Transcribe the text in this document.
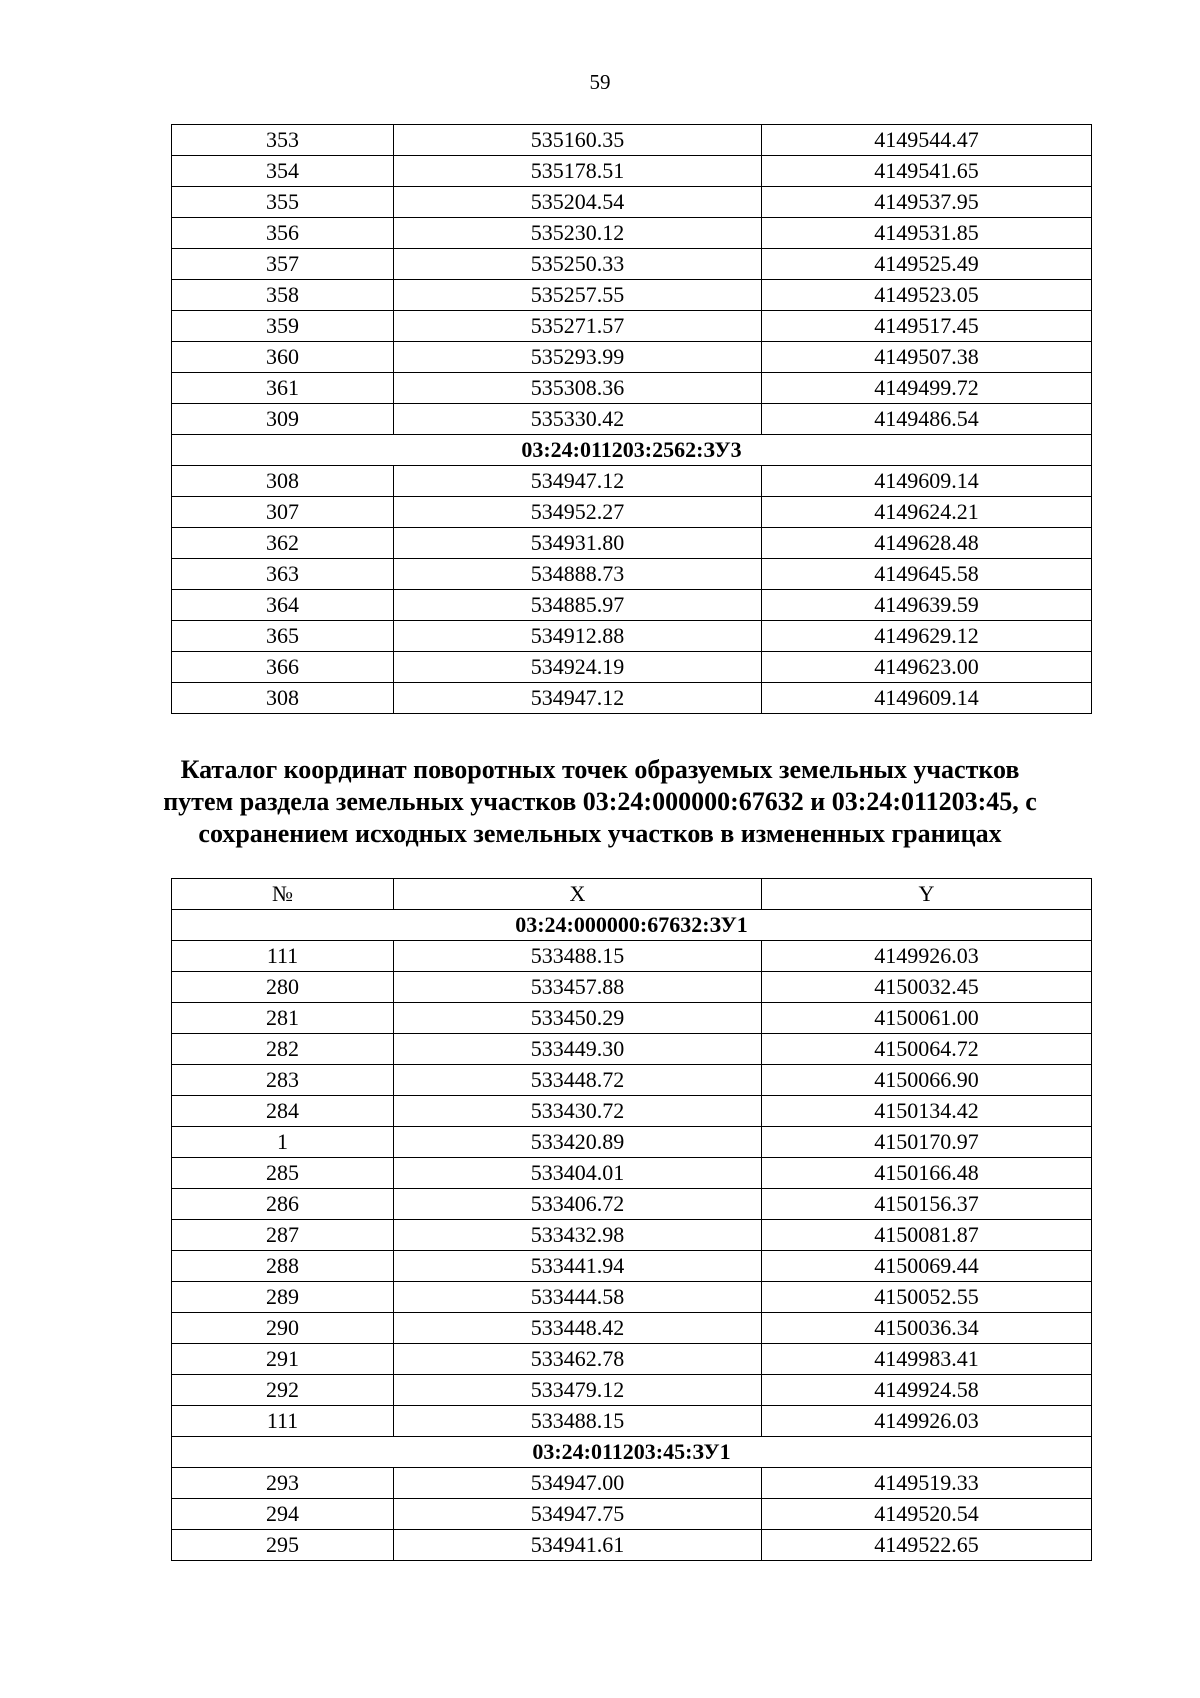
59
353	535160.35	4149544.47
354	535178.51	4149541.65
355	535204.54	4149537.95
356	535230.12	4149531.85
357	535250.33	4149525.49
358	535257.55	4149523.05
359	535271.57	4149517.45
360	535293.99	4149507.38
361	535308.36	4149499.72
309	535330.42	4149486.54
03:24:011203:2562:ЗУ3		
308	534947.12	4149609.14
307	534952.27	4149624.21
362	534931.80	4149628.48
363	534888.73	4149645.58
364	534885.97	4149639.59
365	534912.88	4149629.12
366	534924.19	4149623.00
308	534947.12	4149609.14
Каталог координат поворотных точек образуемых земельных участков
путем раздела земельных участков 03:24:000000:67632 и 03:24:011203:45, с
сохранением исходных земельных участков в измененных границах
№	X	Y
03:24:000000:67632:ЗУ1		
111	533488.15	4149926.03
280	533457.88	4150032.45
281	533450.29	4150061.00
282	533449.30	4150064.72
283	533448.72	4150066.90
284	533430.72	4150134.42
1	533420.89	4150170.97
285	533404.01	4150166.48
286	533406.72	4150156.37
287	533432.98	4150081.87
288	533441.94	4150069.44
289	533444.58	4150052.55
290	533448.42	4150036.34
291	533462.78	4149983.41
292	533479.12	4149924.58
111	533488.15	4149926.03
03:24:011203:45:ЗУ1		
293	534947.00	4149519.33
294	534947.75	4149520.54
295	534941.61	4149522.65
